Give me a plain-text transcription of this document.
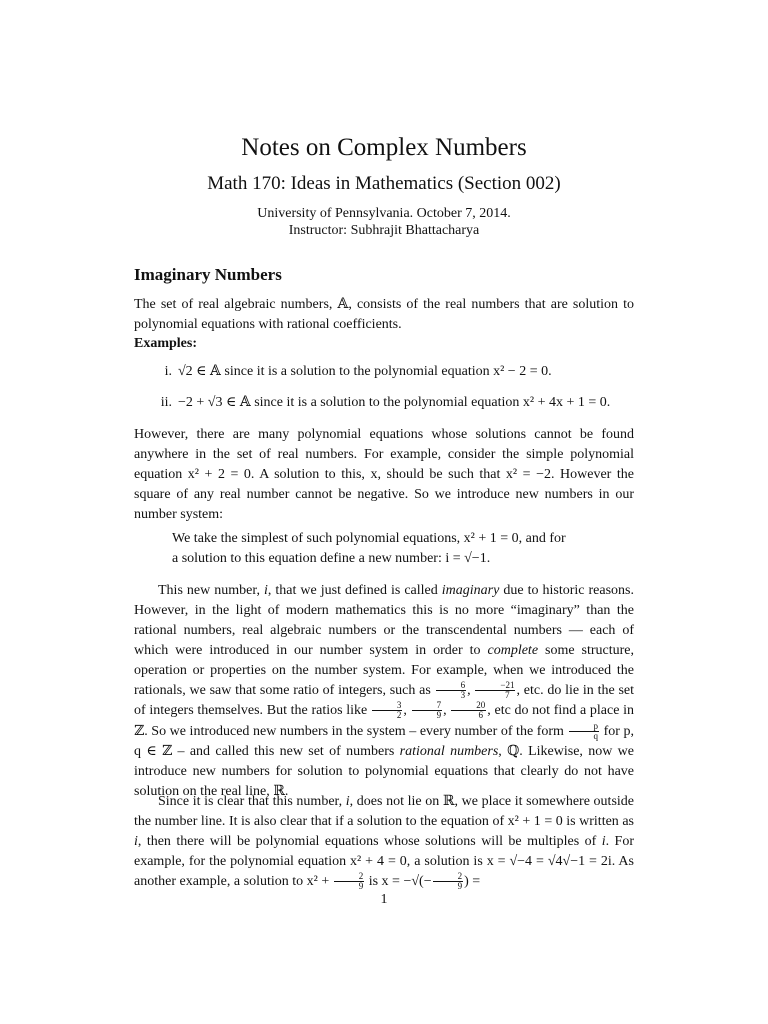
Notes on Complex Numbers
Math 170: Ideas in Mathematics (Section 002)
University of Pennsylvania. October 7, 2014.
Instructor: Subhrajit Bhattacharya
Imaginary Numbers
The set of real algebraic numbers, 𝔸, consists of the real numbers that are solution to polynomial equations with rational coefficients.
Examples:
i. √2 ∈ 𝔸 since it is a solution to the polynomial equation x² − 2 = 0.
ii. −2 + √3 ∈ 𝔸 since it is a solution to the polynomial equation x² + 4x + 1 = 0.
However, there are many polynomial equations whose solutions cannot be found anywhere in the set of real numbers. For example, consider the simple polynomial equation x² + 2 = 0. A solution to this, x, should be such that x² = −2. However the square of any real number cannot be negative. So we introduce new numbers in our number system:
We take the simplest of such polynomial equations, x² + 1 = 0, and for
a solution to this equation define a new number: i = √−1.
This new number, i, that we just defined is called imaginary due to historic reasons. However, in the light of modern mathematics this is no more “imaginary” than the rational numbers, real algebraic numbers or the transcendental numbers — each of which were introduced in our number system in order to complete some structure, operation or properties on the number system. For example, when we introduced the rationals, we saw that some ratio of integers, such as $\frac{6}{3}$ , $\frac{-21}{7}$ , etc. do lie in the set of integers themselves. But the ratios like $\frac{3}{2}$ , $\frac{7}{9}$ , $\frac{20}{6}$ , etc do not find a place in ℤ. So we introduced new numbers in the system – every number of the form $\frac{p}{q}$ for p, q ∈ ℤ – and called this new set of numbers rational numbers, ℚ. Likewise, now we introduce new numbers for solution to polynomial equations that clearly do not have solution on the real line, ℝ.
Since it is clear that this number, i, does not lie on ℝ, we place it somewhere outside the number line. It is also clear that if a solution to the equation of x² + 1 = 0 is written as i, then there will be polynomial equations whose solutions will be multiples of i. For example, for the polynomial equation x² + 4 = 0, a solution is x = √−4 = √4√−1 = 2i. As another example, a solution to $x^2 + \frac{2}{9}$ is x = −√(− $\frac{2}{9}$ ) =
1
